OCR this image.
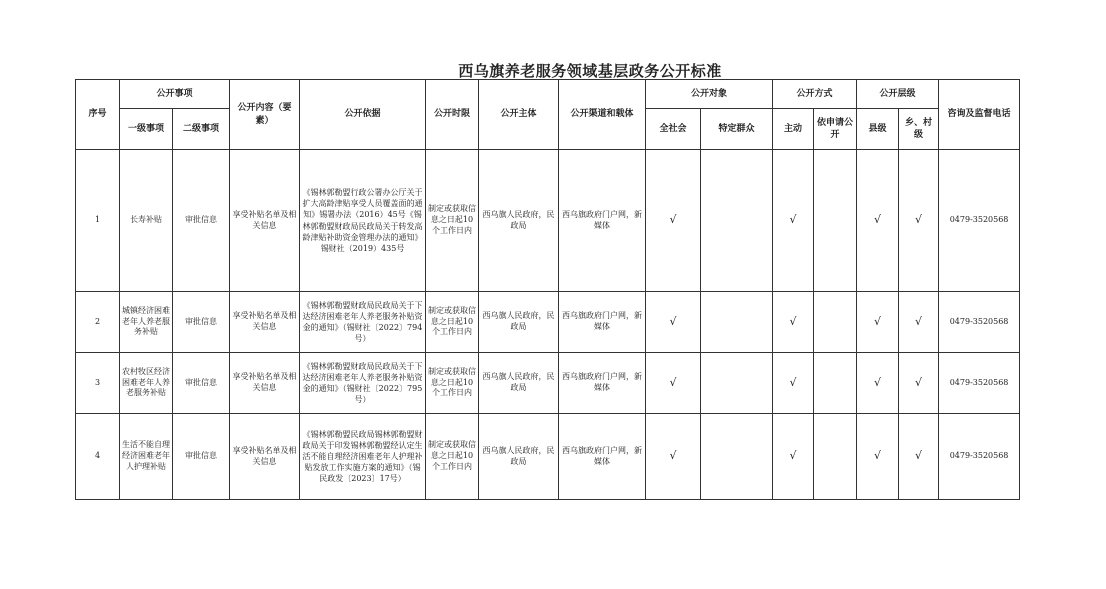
西乌旗养老服务领域基层政务公开标准
序号	公开事项		公开内容（要素）	公开依据	公开时限	公开主体	公开渠道和载体	公开对象		公开方式		公开层级		咨询及监督电话
	一级事项	二级事项						全社会	特定群众	主动	依申请公开	县级	乡、村级	
1	长寿补贴	审批信息	享受补贴名单及相关信息	《锡林郭勒盟行政公署办公厅关于扩大高龄津贴享受人员覆盖面的通知》锡署办法（2016）45号《锡林郭勒盟财政局民政局关于转发高龄津贴补助资金管理办法的通知》锡财社（2019）435号	制定或获取信息之日起10个工作日内	西乌旗人民政府，民政局	西乌旗政府门户网，新媒体	√		√		√	√	0479-3520568
2	城镇经济困难老年人养老服务补贴	审批信息	享受补贴名单及相关信息	《锡林郭勒盟财政局民政局关于下达经济困难老年人养老服务补贴资金的通知》（锡财社〔2022〕794号）	制定或获取信息之日起10个工作日内	西乌旗人民政府，民政局	西乌旗政府门户网，新媒体	√		√		√	√	0479-3520568
3	农村牧区经济困难老年人养老服务补贴	审批信息	享受补贴名单及相关信息	《锡林郭勒盟财政局民政局关于下达经济困难老年人养老服务补贴资金的通知》（锡财社〔2022〕795号）	制定或获取信息之日起10个工作日内	西乌旗人民政府，民政局	西乌旗政府门户网，新媒体	√		√		√	√	0479-3520568
4	生活不能自理经济困难老年人护理补贴	审批信息	享受补贴名单及相关信息	《锡林郭勒盟民政局锡林郭勒盟财政局关于印发锡林郭勒盟经认定生活不能自理经济困难老年人护理补贴发放工作实施方案的通知》（锡民政发〔2023〕17号）	制定或获取信息之日起10个工作日内	西乌旗人民政府，民政局	西乌旗政府门户网，新媒体	√		√		√	√	0479-3520568
